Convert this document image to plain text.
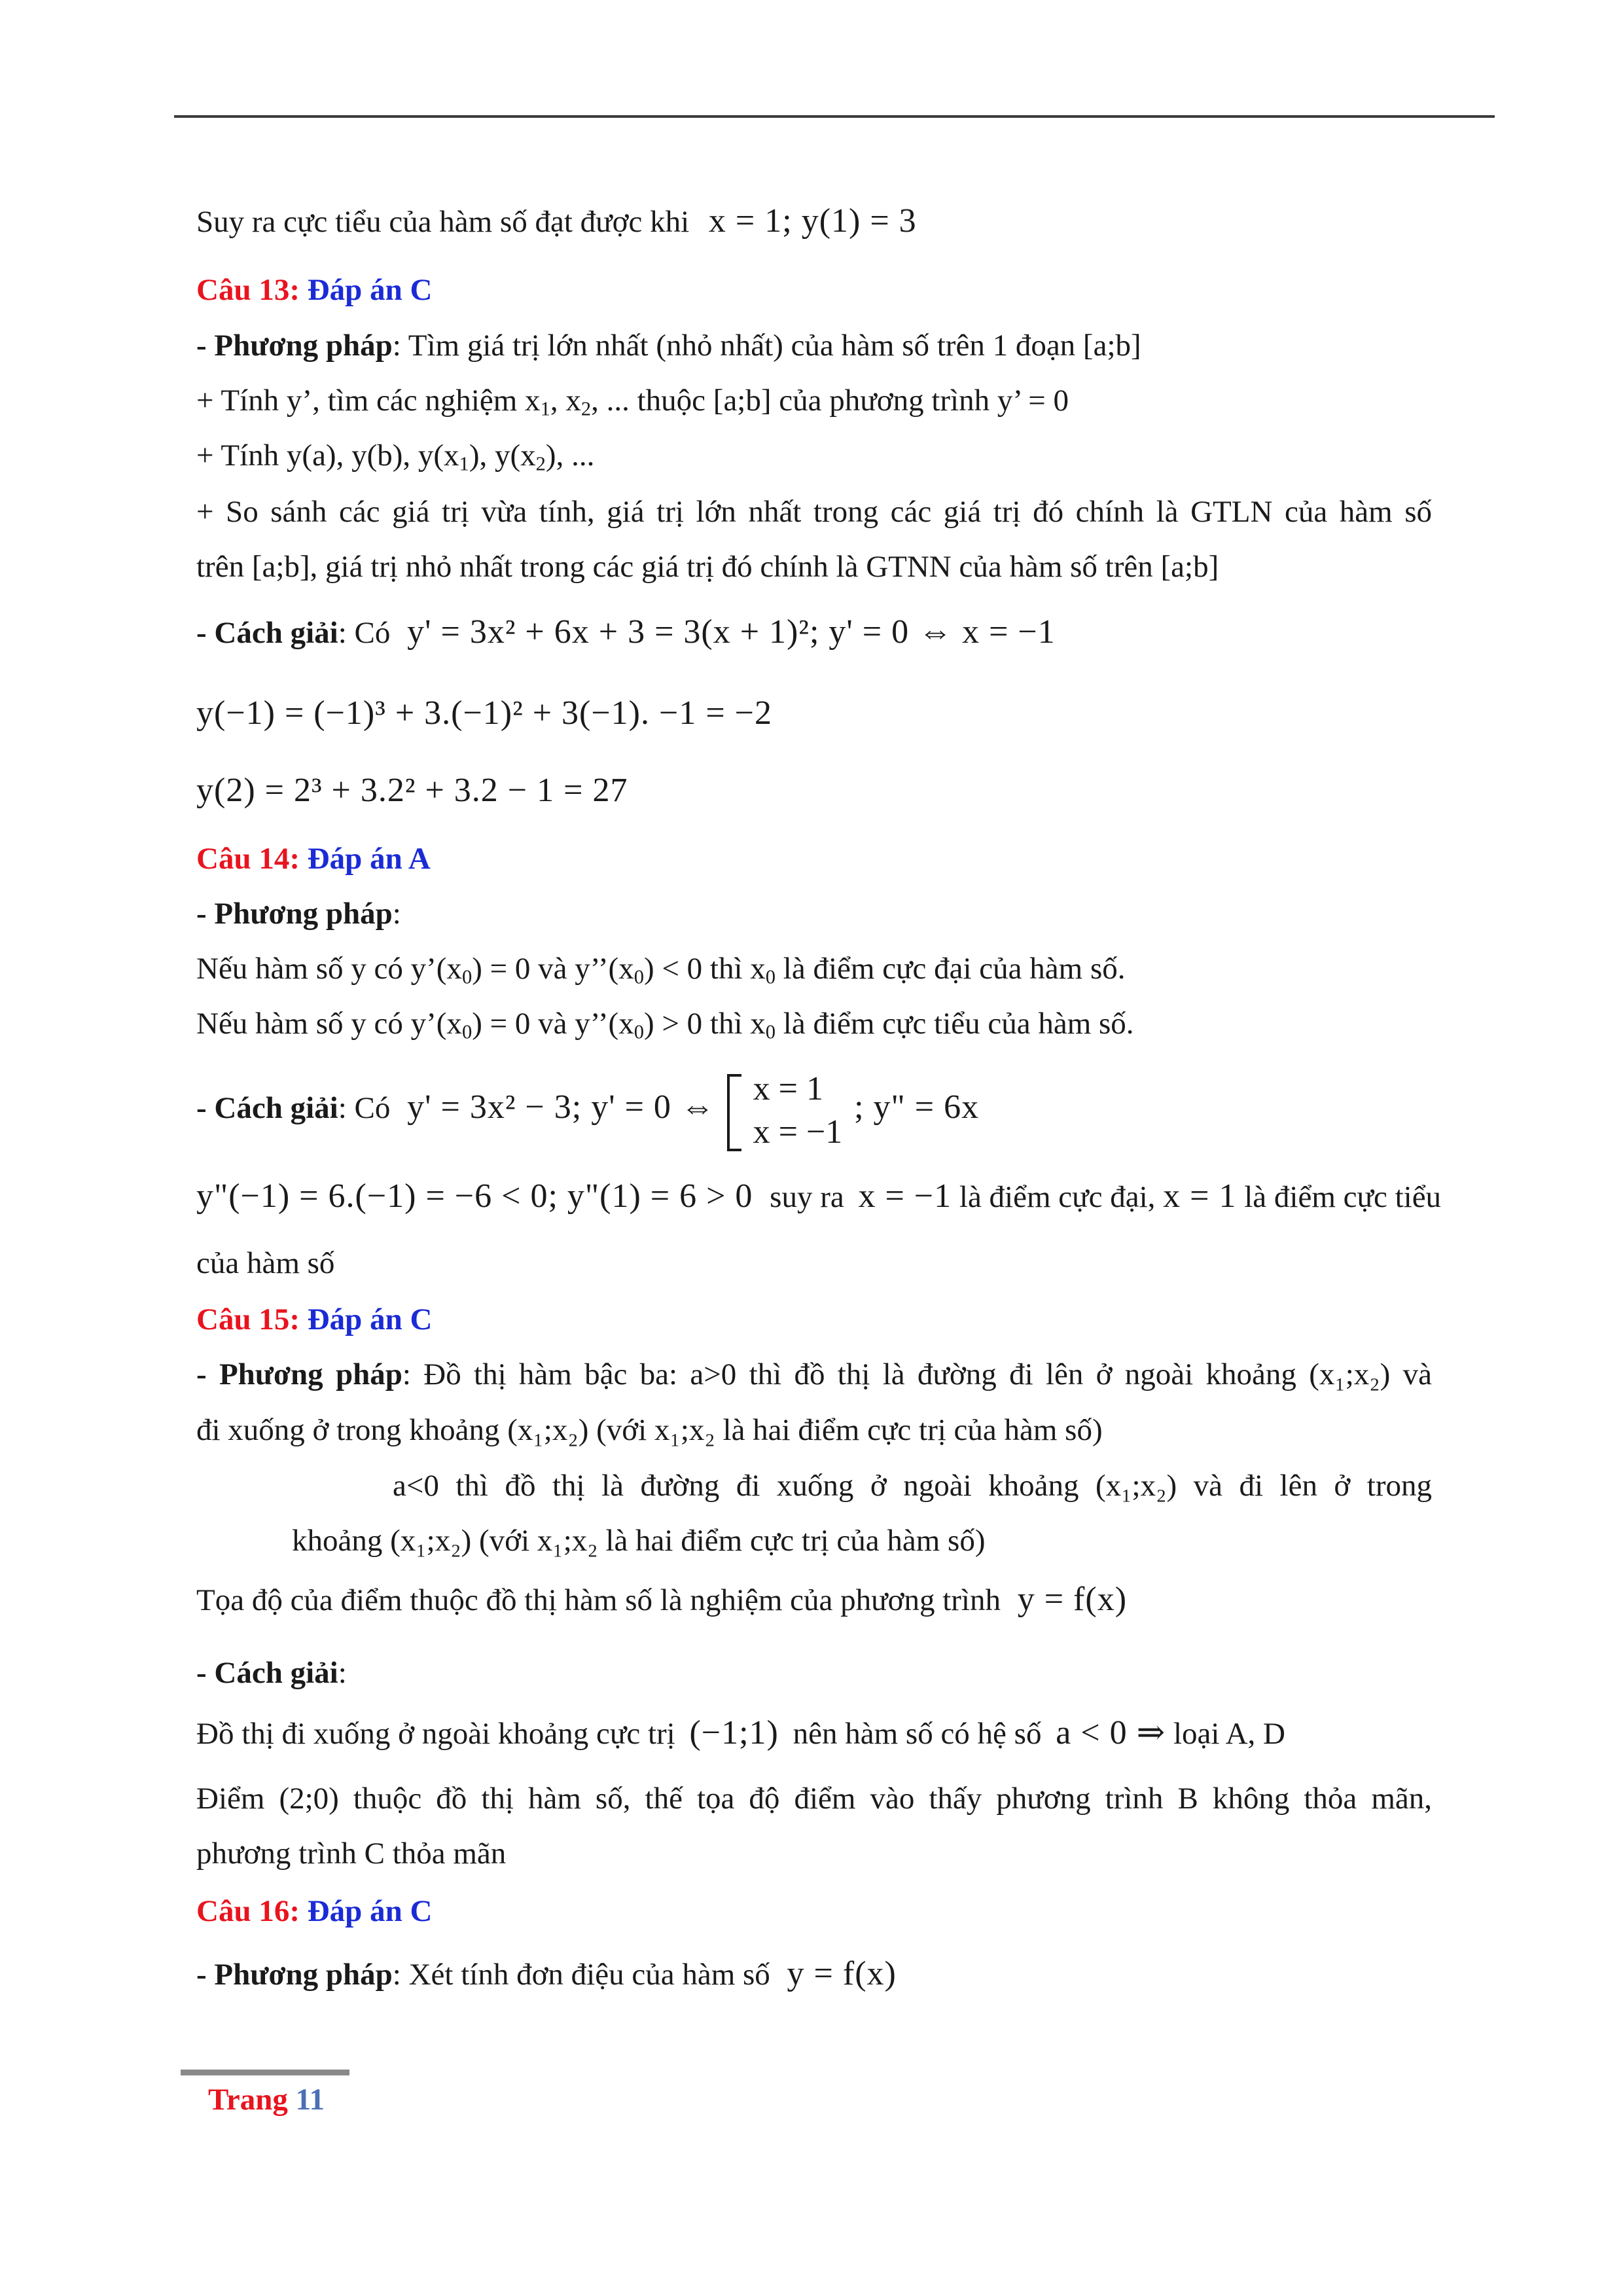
Suy ra cực tiểu của hàm số đạt được khi x = 1; y(1) = 3
Câu 13: Đáp án C
- Phương pháp: Tìm giá trị lớn nhất (nhỏ nhất) của hàm số trên 1 đoạn [a;b]
+ Tính y’, tìm các nghiệm $x_1$, $x_2$, ... thuộc [a;b] của phương trình y’ = 0
+ Tính y(a), y(b), $y(x_1)$, $y(x_2)$, ...
+ So sánh các giá trị vừa tính, giá trị lớn nhất trong các giá trị đó chính là GTLN của hàm số
trên [a;b], giá trị nhỏ nhất trong các giá trị đó chính là GTNN của hàm số trên [a;b]
- Cách giải: Có y' = 3x² + 6x + 3 = 3(x + 1)²; y' = 0 ⇔ x = −1
y(−1) = (−1)³ + 3.(−1)² + 3(−1). −1 = −2
y(2) = 2³ + 3.2² + 3.2 − 1 = 27
Câu 14: Đáp án A
- Phương pháp:
Nếu hàm số y có $y’(x_0) = 0$ và $y’’(x_0) < 0$ thì $x_0$ là điểm cực đại của hàm số.
Nếu hàm số y có $y’(x_0) = 0$ và $y’’(x_0) > 0$ thì $x_0$ là điểm cực tiểu của hàm số.
- Cách giải: Có y' = 3x² − 3; y' = 0 ⇔	x = 1
x = −1
; y" = 6x
y"(−1) = 6.(−1) = −6 < 0; y"(1) = 6 > 0 suy ra x = −1 là điểm cực đại, x = 1 là điểm cực tiểu
của hàm số
Câu 15: Đáp án C
- Phương pháp: Đồ thị hàm bậc ba: a>0 thì đồ thị là đường đi lên ở ngoài khoảng (x₁;x₂) và
đi xuống ở trong khoảng (x₁;x₂) (với x₁;x₂ là hai điểm cực trị của hàm số)
a<0 thì đồ thị là đường đi xuống ở ngoài khoảng (x₁;x₂) và đi lên ở trong
khoảng (x₁;x₂) (với x₁;x₂ là hai điểm cực trị của hàm số)
Tọa độ của điểm thuộc đồ thị hàm số là nghiệm của phương trình y = f(x)
- Cách giải:
Đồ thị đi xuống ở ngoài khoảng cực trị (−1;1) nên hàm số có hệ số a < 0 ⇒ loại A, D
Điểm (2;0) thuộc đồ thị hàm số, thế tọa độ điểm vào thấy phương trình B không thỏa mãn,
phương trình C thỏa mãn
Câu 16: Đáp án C
- Phương pháp: Xét tính đơn điệu của hàm số y = f(x)
Trang 11
